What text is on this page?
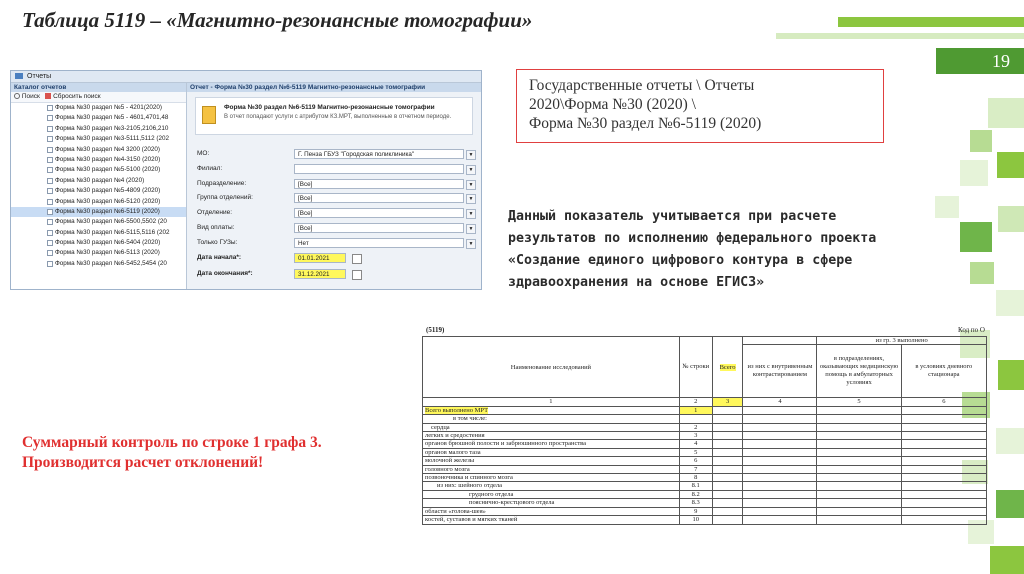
Таблица 5119 – «Магнитно-резонансные томографии»
19
Отчеты
Каталог отчетов
Поиск Сбросить поиск
Форма №30 раздел №5 - 4201(2020)
Форма №30 раздел №5 - 4601,4701,48
Форма №30 раздел №3-2105,2106,210
Форма №30 раздел №3-5111,5112 (202
Форма №30 раздел №4 3200 (2020)
Форма №30 раздел №4-3150 (2020)
Форма №30 раздел №5-5100 (2020)
Форма №30 раздел №4 (2020)
Форма №30 раздел №5-4809 (2020)
Форма №30 раздел №6-5120 (2020)
Форма №30 раздел №6-5119 (2020)
Форма №30 раздел №6-5500,5502 (20
Форма №30 раздел №6-5115,5116 (202
Форма №30 раздел №6-5404 (2020)
Форма №30 раздел №6-5113 (2020)
Форма №30 раздел №6-5452,5454 (20
Отчет - Форма №30 раздел №6-5119 Магнитно-резонансные томографии
Форма №30 раздел №6-5119 Магнитно-резонансные томографии
В отчет попадают услуги с атрибутом КЗ.МРТ, выполненные в отчетном периоде.
МО:	Г. Пенза ГБУЗ "Городская поликлиника"	▼
Филиал:	▼
Подразделение:	[Все]	▼
Группа отделений:	[Все]	▼
Отделение:	[Все]	▼
Вид оплаты:	[Все]	▼
Только ГУЗы:	Нет	▼
Дата начала*:	01.01.2021
Дата окончания*:	31.12.2021
Государственные отчеты \ Отчеты
2020\Форма №30 (2020) \
Форма №30 раздел №6-5119 (2020)
Данный показатель учитывается при расчете результатов по исполнению федерального проекта «Создание единого цифрового контура в сфере здравоохранения на основе ЕГИСЗ»
Суммарный контроль по строке 1 графа 3.
Производится расчет отклонений!
(5119)	Код по О
Наименование исследований	№ строки	Всего		из гр. 3 выполнено	
			из них с внутривенным контрастированием	в подразделениях, оказывающих медицинскую помощь в амбулаторных условиях	в условиях дневного стационара
1	2	3	4	5	6
Всего выполнено МРТ	1				
в том числе:					
сердца	2				
легких и средостения	3				
органов брюшной полости и забрюшинного пространства	4				
органов малого таза	5				
молочной железы	6				
головного мозга	7				
позвоночника и спинного мозга	8				
из них: шейного отдела	8.1				
грудного отдела	8.2				
пояснично-крестцового отдела	8.3				
области «голова-шея»	9				
костей, суставов и мягких тканей	10				
